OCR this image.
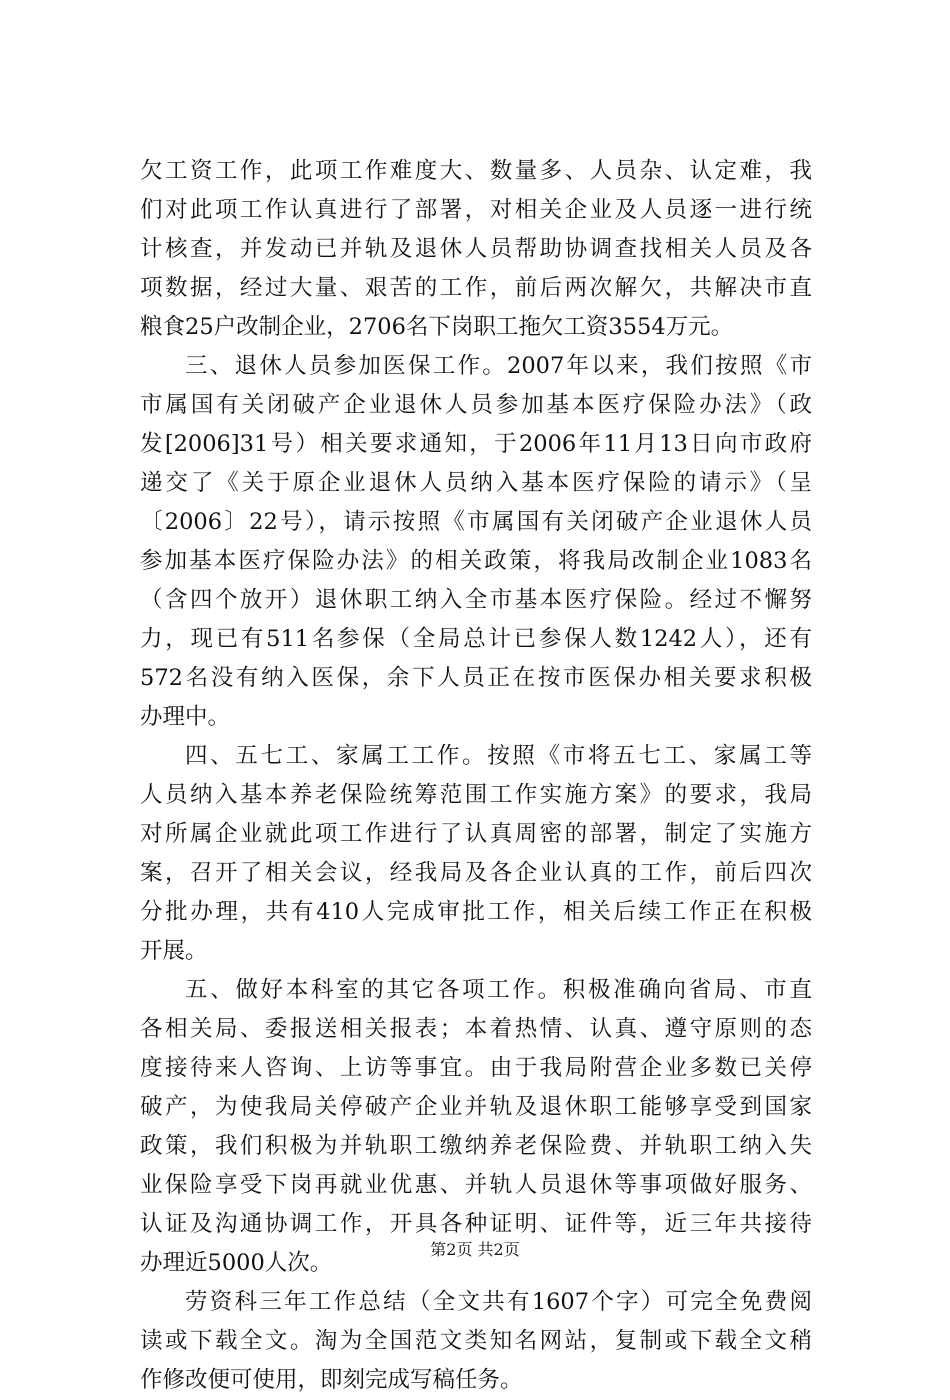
欠工资工作，此项工作难度大、数量多、人员杂、认定难，我
们对此项工作认真进行了部署，对相关企业及人员逐一进行统
计核查，并发动已并轨及退休人员帮助协调查找相关人员及各
项数据，经过大量、艰苦的工作，前后两次解欠，共解决市直
粮食25户改制企业，2706名下岗职工拖欠工资3554万元。
三、退休人员参加医保工作。2007年以来，我们按照《市
市属国有关闭破产企业退休人员参加基本医疗保险办法》（政
发[2006]31号）相关要求通知，于2006年11月13日向市政府
递交了《关于原企业退休人员纳入基本医疗保险的请示》（呈
〔2006〕22号），请示按照《市属国有关闭破产企业退休人员
参加基本医疗保险办法》的相关政策，将我局改制企业1083名
（含四个放开）退休职工纳入全市基本医疗保险。经过不懈努
力，现已有511名参保（全局总计已参保人数1242人），还有
572名没有纳入医保，余下人员正在按市医保办相关要求积极
办理中。
四、五七工、家属工工作。按照《市将五七工、家属工等
人员纳入基本养老保险统筹范围工作实施方案》的要求，我局
对所属企业就此项工作进行了认真周密的部署，制定了实施方
案，召开了相关会议，经我局及各企业认真的工作，前后四次
分批办理，共有410人完成审批工作，相关后续工作正在积极
开展。
五、做好本科室的其它各项工作。积极准确向省局、市直
各相关局、委报送相关报表；本着热情、认真、遵守原则的态
度接待来人咨询、上访等事宜。由于我局附营企业多数已关停
破产，为使我局关停破产企业并轨及退休职工能够享受到国家
政策，我们积极为并轨职工缴纳养老保险费、并轨职工纳入失
业保险享受下岗再就业优惠、并轨人员退休等事项做好服务、
认证及沟通协调工作，开具各种证明、证件等，近三年共接待
办理近5000人次。
劳资科三年工作总结（全文共有1607个字）可完全免费阅
读或下载全文。淘为全国范文类知名网站，复制或下载全文稍
作修改便可使用，即刻完成写稿任务。
第2页 共2页
